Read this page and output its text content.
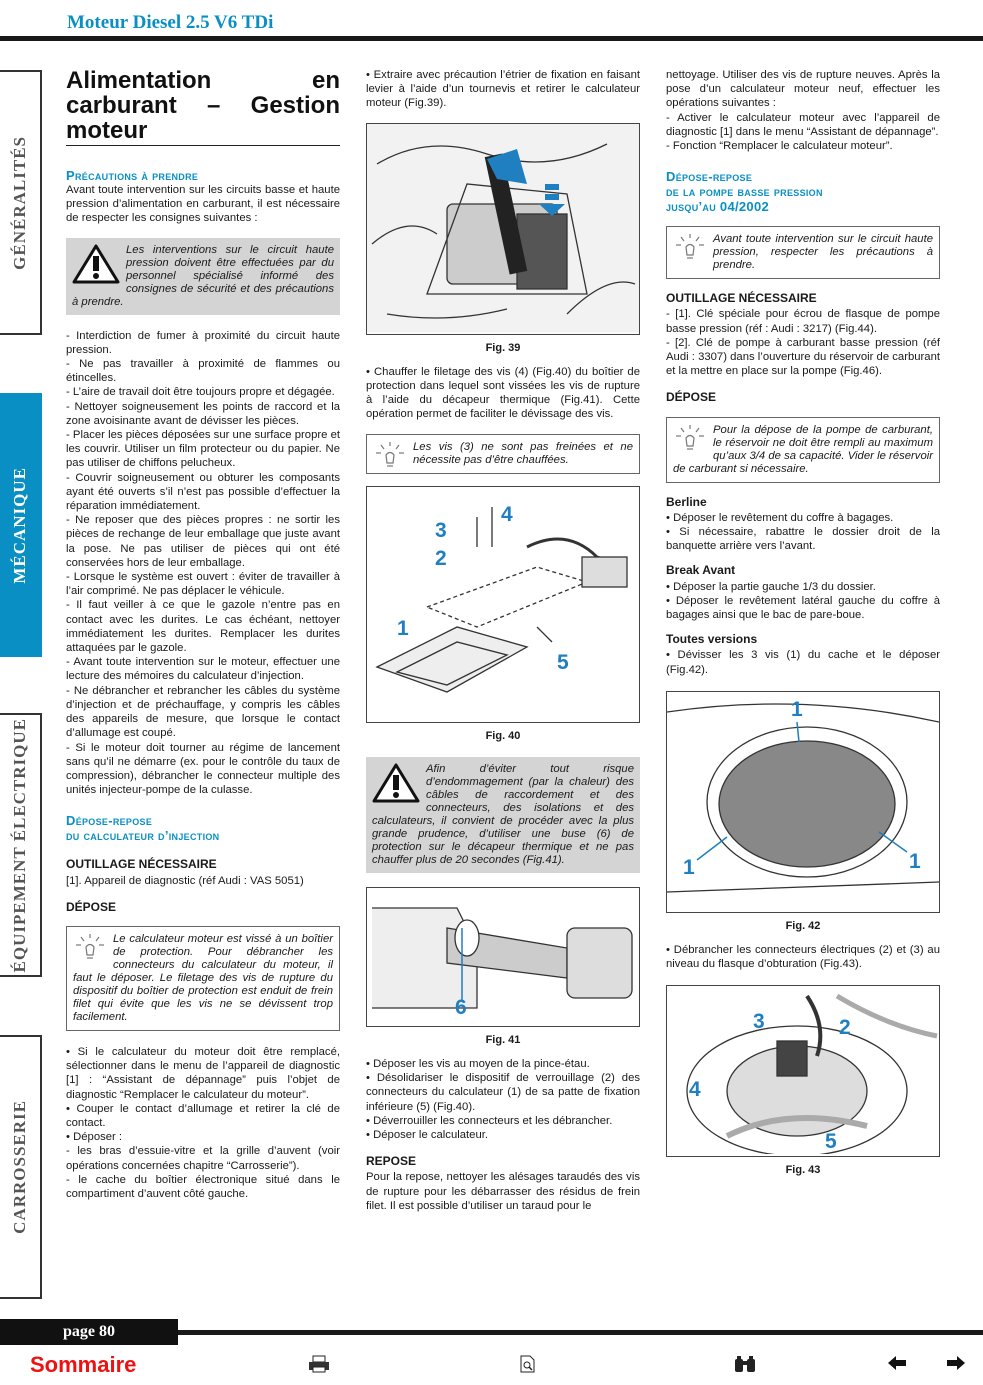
Moteur Diesel 2.5 V6 TDi
GÉNÉRALITÉS
MÉCANIQUE
ÉQUIPEMENT ÉLECTRIQUE
CARROSSERIE
Alimentation en carburant – Gestion moteur
Précautions à prendre

Avant toute intervention sur les circuits basse et haute pression d’alimentation en carburant, il est nécessaire de respecter les consignes suivantes :

Les interventions sur le circuit haute pression doivent être effectuées par du personnel spécialisé informé des consignes de sécurité et des précautions à prendre.

- Interdiction de fumer à proximité du circuit haute pression.

- Ne pas travailler à proximité de flammes ou étincelles.

- L’aire de travail doit être toujours propre et dégagée.

- Nettoyer soigneusement les points de raccord et la zone avoisinante avant de dévisser les pièces.

- Placer les pièces déposées sur une surface propre et les couvrir. Utiliser un film protecteur ou du papier. Ne pas utiliser de chiffons pelucheux.

- Couvrir soigneusement ou obturer les composants ayant été ouverts s’il n’est pas possible d’effectuer la réparation immédiatement.

- Ne reposer que des pièces propres : ne sortir les pièces de rechange de leur emballage que juste avant la pose. Ne pas utiliser de pièces qui ont été conservées hors de leur emballage.

- Lorsque le système est ouvert : éviter de travailler à l’air comprimé. Ne pas déplacer le véhicule.

- Il faut veiller à ce que le gazole n’entre pas en contact avec les durites. Le cas échéant, nettoyer immédiatement les durites. Remplacer les durites attaquées par le gazole.

- Avant toute intervention sur le moteur, effectuer une lecture des mémoires du calculateur d’injection.

- Ne débrancher et rebrancher les câbles du système d’injection et de préchauffage, y compris les câbles des appareils de mesure, que lorsque le contact d’allumage est coupé.

- Si le moteur doit tourner au régime de lancement sans qu’il ne démarre (ex. pour le contrôle du taux de compression), débrancher le connecteur multiple des unités injecteur-pompe de la culasse.

Dépose-repose
du calculateur d’injection
OUTILLAGE NÉCESSAIRE

[1]. Appareil de diagnostic (réf Audi : VAS 5051)

DÉPOSE
Le calculateur moteur est vissé à un boîtier de protection. Pour débrancher les connecteurs du calculateur du moteur, il faut le déposer. Le filetage des vis de rupture du dispositif du boîtier de protection est enduit de frein filet qui évite que les vis ne se dévissent trop facilement.

• Si le calculateur du moteur doit être remplacé, sélectionner dans le menu de l’appareil de diagnostic [1] : “Assistant de dépannage” puis l’objet de diagnostic “Remplacer le calculateur du moteur”.

• Couper le contact d’allumage et retirer la clé de contact.

• Déposer :

- les bras d’essuie-vitre et la grille d’auvent (voir opérations concernées chapitre “Carrosserie”).

- le cache du boîtier électronique situé dans le compartiment d’auvent côté gauche.

• Extraire avec précaution l’étrier de fixation en faisant levier à l’aide d’un tournevis et retirer le calculateur moteur (Fig.39).

Fig. 39

• Chauffer le filetage des vis (4) (Fig.40) du boîtier de protection dans lequel sont vissées les vis de rupture à l’aide du décapeur thermique (Fig.41). Cette opération permet de faciliter le dévissage des vis.

Les vis (3) ne sont pas freinées et ne nécessite pas d’être chauffées.
3
4
2
1
5
Fig. 40
Afin d’éviter tout risque d’endommagement (par la chaleur) des câbles de raccordement et des connecteurs, des isolations et des calculateurs, il convient de procéder avec la plus grande prudence, d’utiliser une buse (6) de protection sur le décapeur thermique et ne pas chauffer plus de 20 secondes (Fig.41).
6
Fig. 41

• Déposer les vis au moyen de la pince-étau.

• Désolidariser le dispositif de verrouillage (2) des connecteurs du calculateur (1) de sa patte de fixation inférieure (5) (Fig.40).

• Déverrouiller les connecteurs et les débrancher.

• Déposer le calculateur.

REPOSE

Pour la repose, nettoyer les alésages taraudés des vis de rupture pour les débarrasser des résidus de frein filet. Il est possible d’utiliser un taraud pour le

nettoyage. Utiliser des vis de rupture neuves. Après la pose d’un calculateur moteur neuf, effectuer les opérations suivantes :

- Activer le calculateur moteur avec l’appareil de diagnostic [1] dans le menu “Assistant de dépannage”.

- Fonction “Remplacer le calculateur moteur”.

Dépose-repose
de la pompe basse pression
jusqu’au 04/2002
Avant toute intervention sur le circuit haute pression, respecter les précautions à prendre.
OUTILLAGE NÉCESSAIRE

- [1]. Clé spéciale pour écrou de flasque de pompe basse pression (réf : Audi : 3217) (Fig.44).

- [2]. Clé de pompe à carburant basse pression (réf Audi : 3307) dans l’ouverture du réservoir de carburant et la mettre en place sur la pompe (Fig.46).

DÉPOSE
Pour la dépose de la pompe de carburant, le réservoir ne doit être rempli au maximum qu’aux 3/4 de sa capacité. Vider le réservoir de carburant si nécessaire.
Berline

• Déposer le revêtement du coffre à bagages.

• Si nécessaire, rabattre le dossier droit de la banquette arrière vers l’avant.

Break Avant

• Déposer la partie gauche 1/3 du dossier.

• Déposer le revêtement latéral gauche du coffre à bagages ainsi que le bac de pare-boue.

Toutes versions

• Dévisser les 3 vis (1) du cache et le déposer (Fig.42).

1
1	1
Fig. 42

• Débrancher les connecteurs électriques (2) et (3) au niveau du flasque d’obturation (Fig.43).

3	2
4
5
Fig. 43
page 80
Sommaire
